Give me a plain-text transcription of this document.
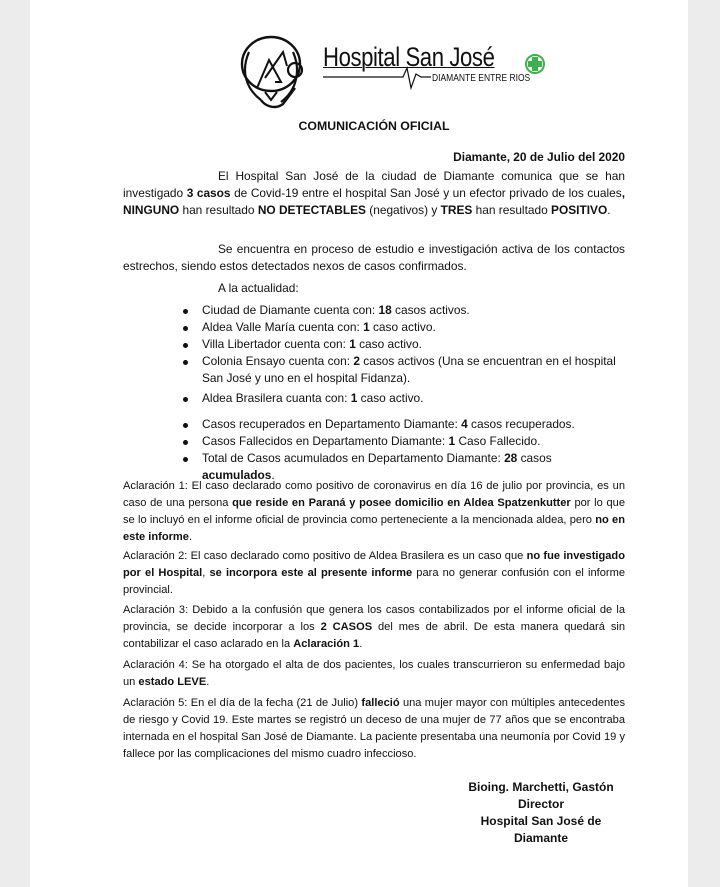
Hospital San José
DIAMANTE ENTRE RIOS
COMUNICACIÓN OFICIAL
Diamante, 20 de Julio del 2020
El Hospital San José de la ciudad de Diamante comunica que se han investigado 3 casos de Covid-19 entre el hospital San José y un efector privado de los cuales, NINGUNO han resultado NO DETECTABLES (negativos) y TRES han resultado POSITIVO.
Se encuentra en proceso de estudio e investigación activa de los contactos estrechos, siendo estos detectados nexos de casos confirmados.
A la actualidad:
Ciudad de Diamante cuenta con: 18 casos activos.
Aldea Valle María cuenta con: 1 caso activo.
Villa Libertador cuenta con: 1 caso activo.
Colonia Ensayo cuenta con: 2 casos activos (Una se encuentran en el hospital San José y uno en el hospital Fidanza).
Aldea Brasilera cuanta con: 1 caso activo.
Casos recuperados en Departamento Diamante: 4 casos recuperados.
Casos Fallecidos en Departamento Diamante: 1 Caso Fallecido.
Total de Casos acumulados en Departamento Diamante: 28 casos acumulados.
Aclaración 1: El caso declarado como positivo de coronavirus en día 16 de julio por provincia, es un caso de una persona que reside en Paraná y posee domicilio en Aldea Spatzenkutter por lo que se lo incluyó en el informe oficial de provincia como perteneciente a la mencionada aldea, pero no en este informe.
Aclaración 2: El caso declarado como positivo de Aldea Brasilera es un caso que no fue investigado por el Hospital, se incorpora este al presente informe para no generar confusión con el informe provincial.
Aclaración 3: Debido a la confusión que genera los casos contabilizados por el informe oficial de la provincia, se decide incorporar a los 2 CASOS del mes de abril. De esta manera quedará sin contabilizar el caso aclarado en la Aclaración 1.
Aclaración 4: Se ha otorgado el alta de dos pacientes, los cuales transcurrieron su enfermedad bajo un estado LEVE.
Aclaración 5: En el día de la fecha (21 de Julio) falleció una mujer mayor con múltiples antecedentes de riesgo y Covid 19. Este martes se registró un deceso de una mujer de 77 años que se encontraba internada en el hospital San José de Diamante. La paciente presentaba una neumonía por Covid 19 y fallece por las complicaciones del mismo cuadro infeccioso.
Bioing. Marchetti, Gastón
Director
Hospital San José de Diamante
